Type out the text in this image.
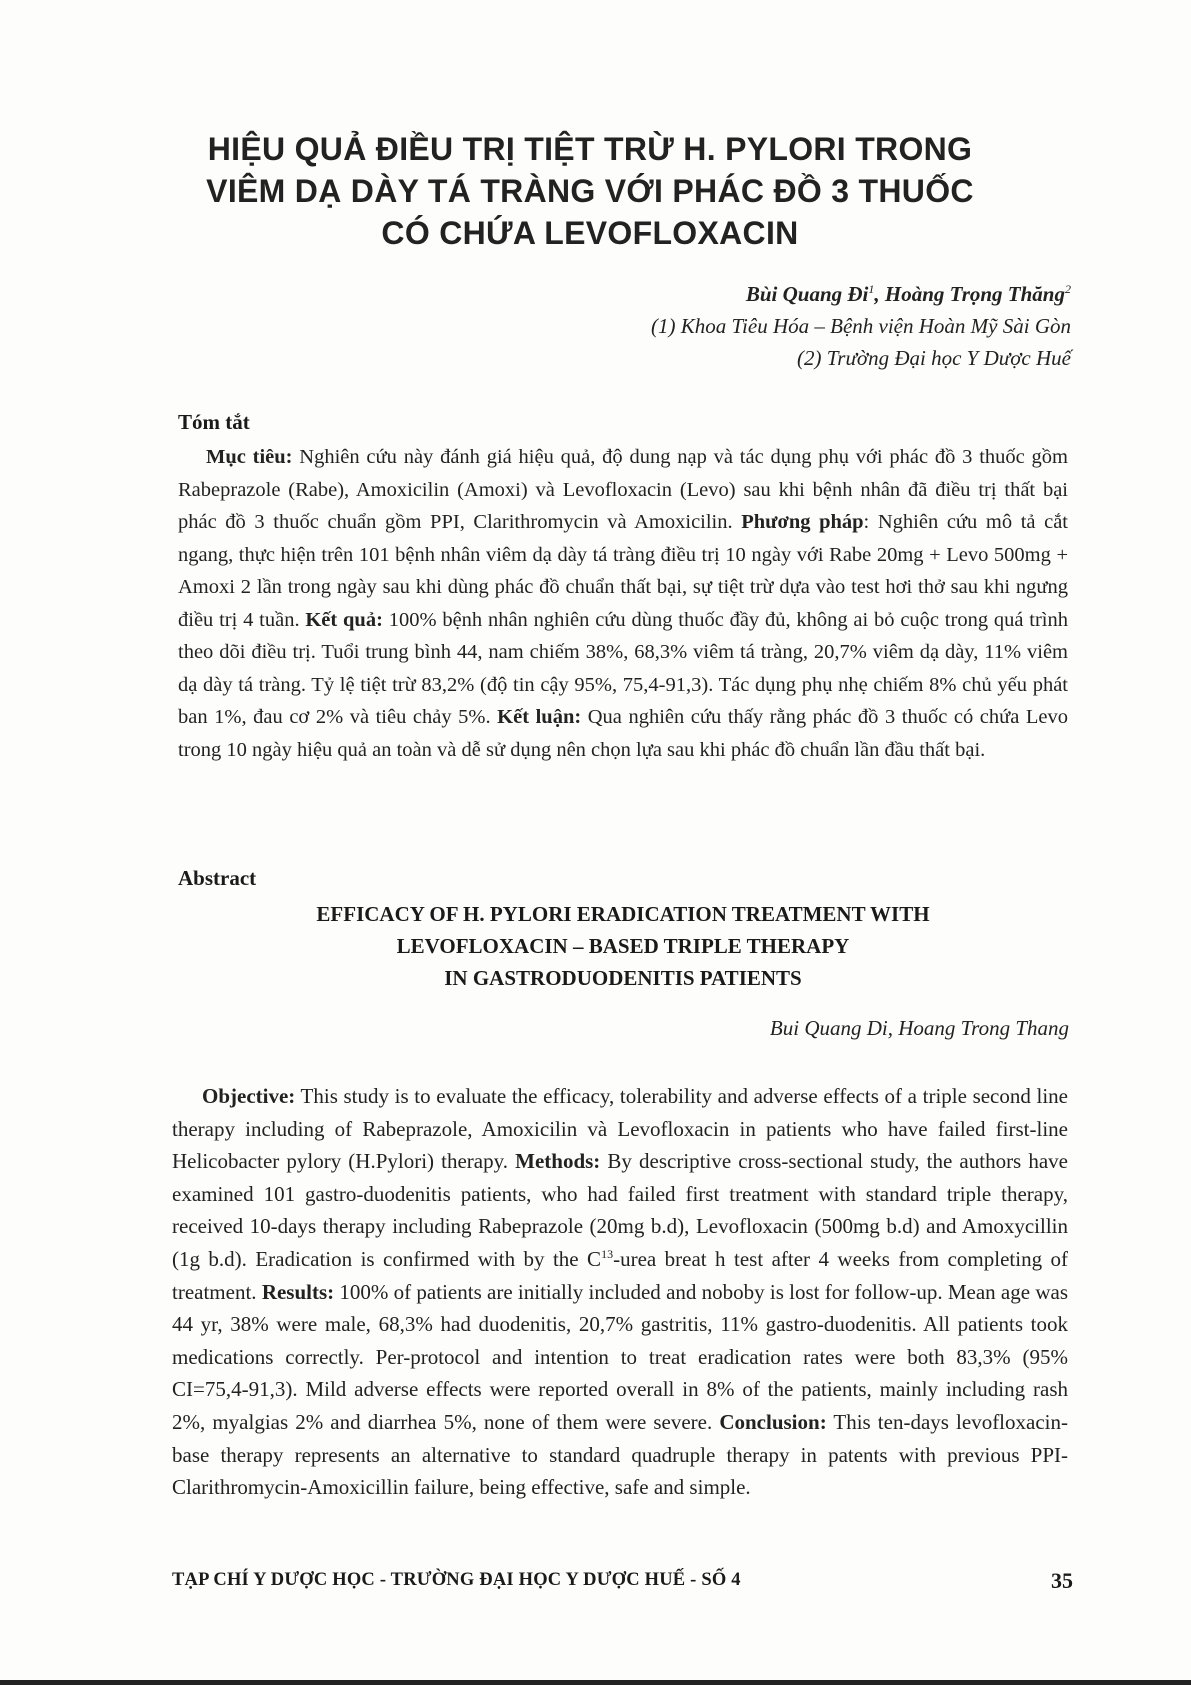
HIỆU QUẢ ĐIỀU TRỊ TIỆT TRỪ H. PYLORI TRONG
VIÊM DẠ DÀY TÁ TRÀNG VỚI PHÁC ĐỒ 3 THUỐC
CÓ CHỨA LEVOFLOXACIN
Bùi Quang $Đi^1$, Hoàng Trọng Thăng$^2$
(1) Khoa Tiêu Hóa – Bệnh viện Hoàn Mỹ Sài Gòn
(2) Trường Đại học Y Dược Huế
Tóm tắt
Mục tiêu: Nghiên cứu này đánh giá hiệu quả, độ dung nạp và tác dụng phụ với phác đồ 3 thuốc gồm Rabeprazole (Rabe), Amoxicilin (Amoxi) và Levofloxacin (Levo) sau khi bệnh nhân đã điều trị thất bại phác đồ 3 thuốc chuẩn gồm PPI, Clarithromycin và Amoxicilin. Phương pháp: Nghiên cứu mô tả cắt ngang, thực hiện trên 101 bệnh nhân viêm dạ dày tá tràng điều trị 10 ngày với Rabe 20mg + Levo 500mg + Amoxi 2 lần trong ngày sau khi dùng phác đồ chuẩn thất bại, sự tiệt trừ dựa vào test hơi thở sau khi ngưng điều trị 4 tuần. Kết quả: 100% bệnh nhân nghiên cứu dùng thuốc đầy đủ, không ai bỏ cuộc trong quá trình theo dõi điều trị. Tuổi trung bình 44, nam chiếm 38%, 68,3% viêm tá tràng, 20,7% viêm dạ dày, 11% viêm dạ dày tá tràng. Tỷ lệ tiệt trừ 83,2% (độ tin cậy 95%, 75,4-91,3). Tác dụng phụ nhẹ chiếm 8% chủ yếu phát ban 1%, đau cơ 2% và tiêu chảy 5%. Kết luận: Qua nghiên cứu thấy rằng phác đồ 3 thuốc có chứa Levo trong 10 ngày hiệu quả an toàn và dễ sử dụng nên chọn lựa sau khi phác đồ chuẩn lần đầu thất bại.
Abstract
EFFICACY OF H. PYLORI ERADICATION TREATMENT WITH
LEVOFLOXACIN – BASED TRIPLE THERAPY
IN GASTRODUODENITIS PATIENTS
Bui Quang Di, Hoang Trong Thang
Objective: This study is to evaluate the efficacy, tolerability and adverse effects of a triple second line therapy including of Rabeprazole, Amoxicilin và Levofloxacin in patients who have failed first-line Helicobacter pylory (H.Pylori) therapy. Methods: By descriptive cross-sectional study, the authors have examined 101 gastro-duodenitis patients, who had failed first treatment with standard triple therapy, received 10-days therapy including Rabeprazole (20mg b.d), Levofloxacin (500mg b.d) and Amoxycillin (1g b.d). Eradication is confirmed with by the $C^{13}$-urea breat h test after 4 weeks from completing of treatment. Results: 100% of patients are initially included and noboby is lost for follow-up. Mean age was 44 yr, 38% were male, 68,3% had duodenitis, 20,7% gastritis, 11% gastro-duodenitis. All patients took medications correctly. Per-protocol and intention to treat eradication rates were both 83,3% (95% CI=75,4-91,3). Mild adverse effects were reported overall in 8% of the patients, mainly including rash 2%, myalgias 2% and diarrhea 5%, none of them were severe. Conclusion: This ten-days levofloxacin-base therapy represents an alternative to standard quadruple therapy in patents with previous PPI-Clarithromycin-Amoxicillin failure, being effective, safe and simple.
TẠP CHÍ Y DƯỢC HỌC - TRƯỜNG ĐẠI HỌC Y DƯỢC HUẾ - SỐ 4	35
